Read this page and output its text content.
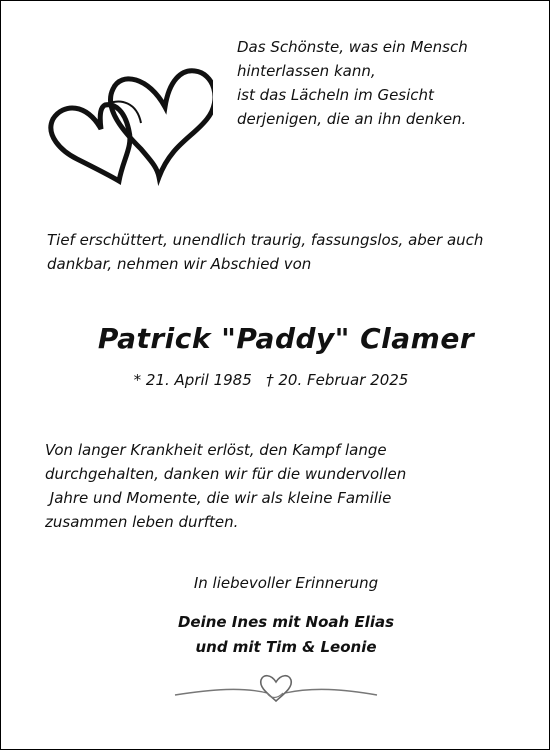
Das Schönste, was ein Mensch
hinterlassen kann,
ist das Lächeln im Gesicht
derjenigen, die an ihn denken.
Tief erschüttert, unendlich traurig, fassungslos, aber auch
dankbar, nehmen wir Abschied von
Patrick "Paddy" Clamer
* 21. April 1985 † 20. Februar 2025
Von langer Krankheit erlöst, den Kampf lange
durchgehalten, danken wir für die wundervollen
Jahre und Momente, die wir als kleine Familie
zusammen leben durften.
In liebevoller Erinnerung
Deine Ines mit Noah Elias
und mit Tim & Leonie
